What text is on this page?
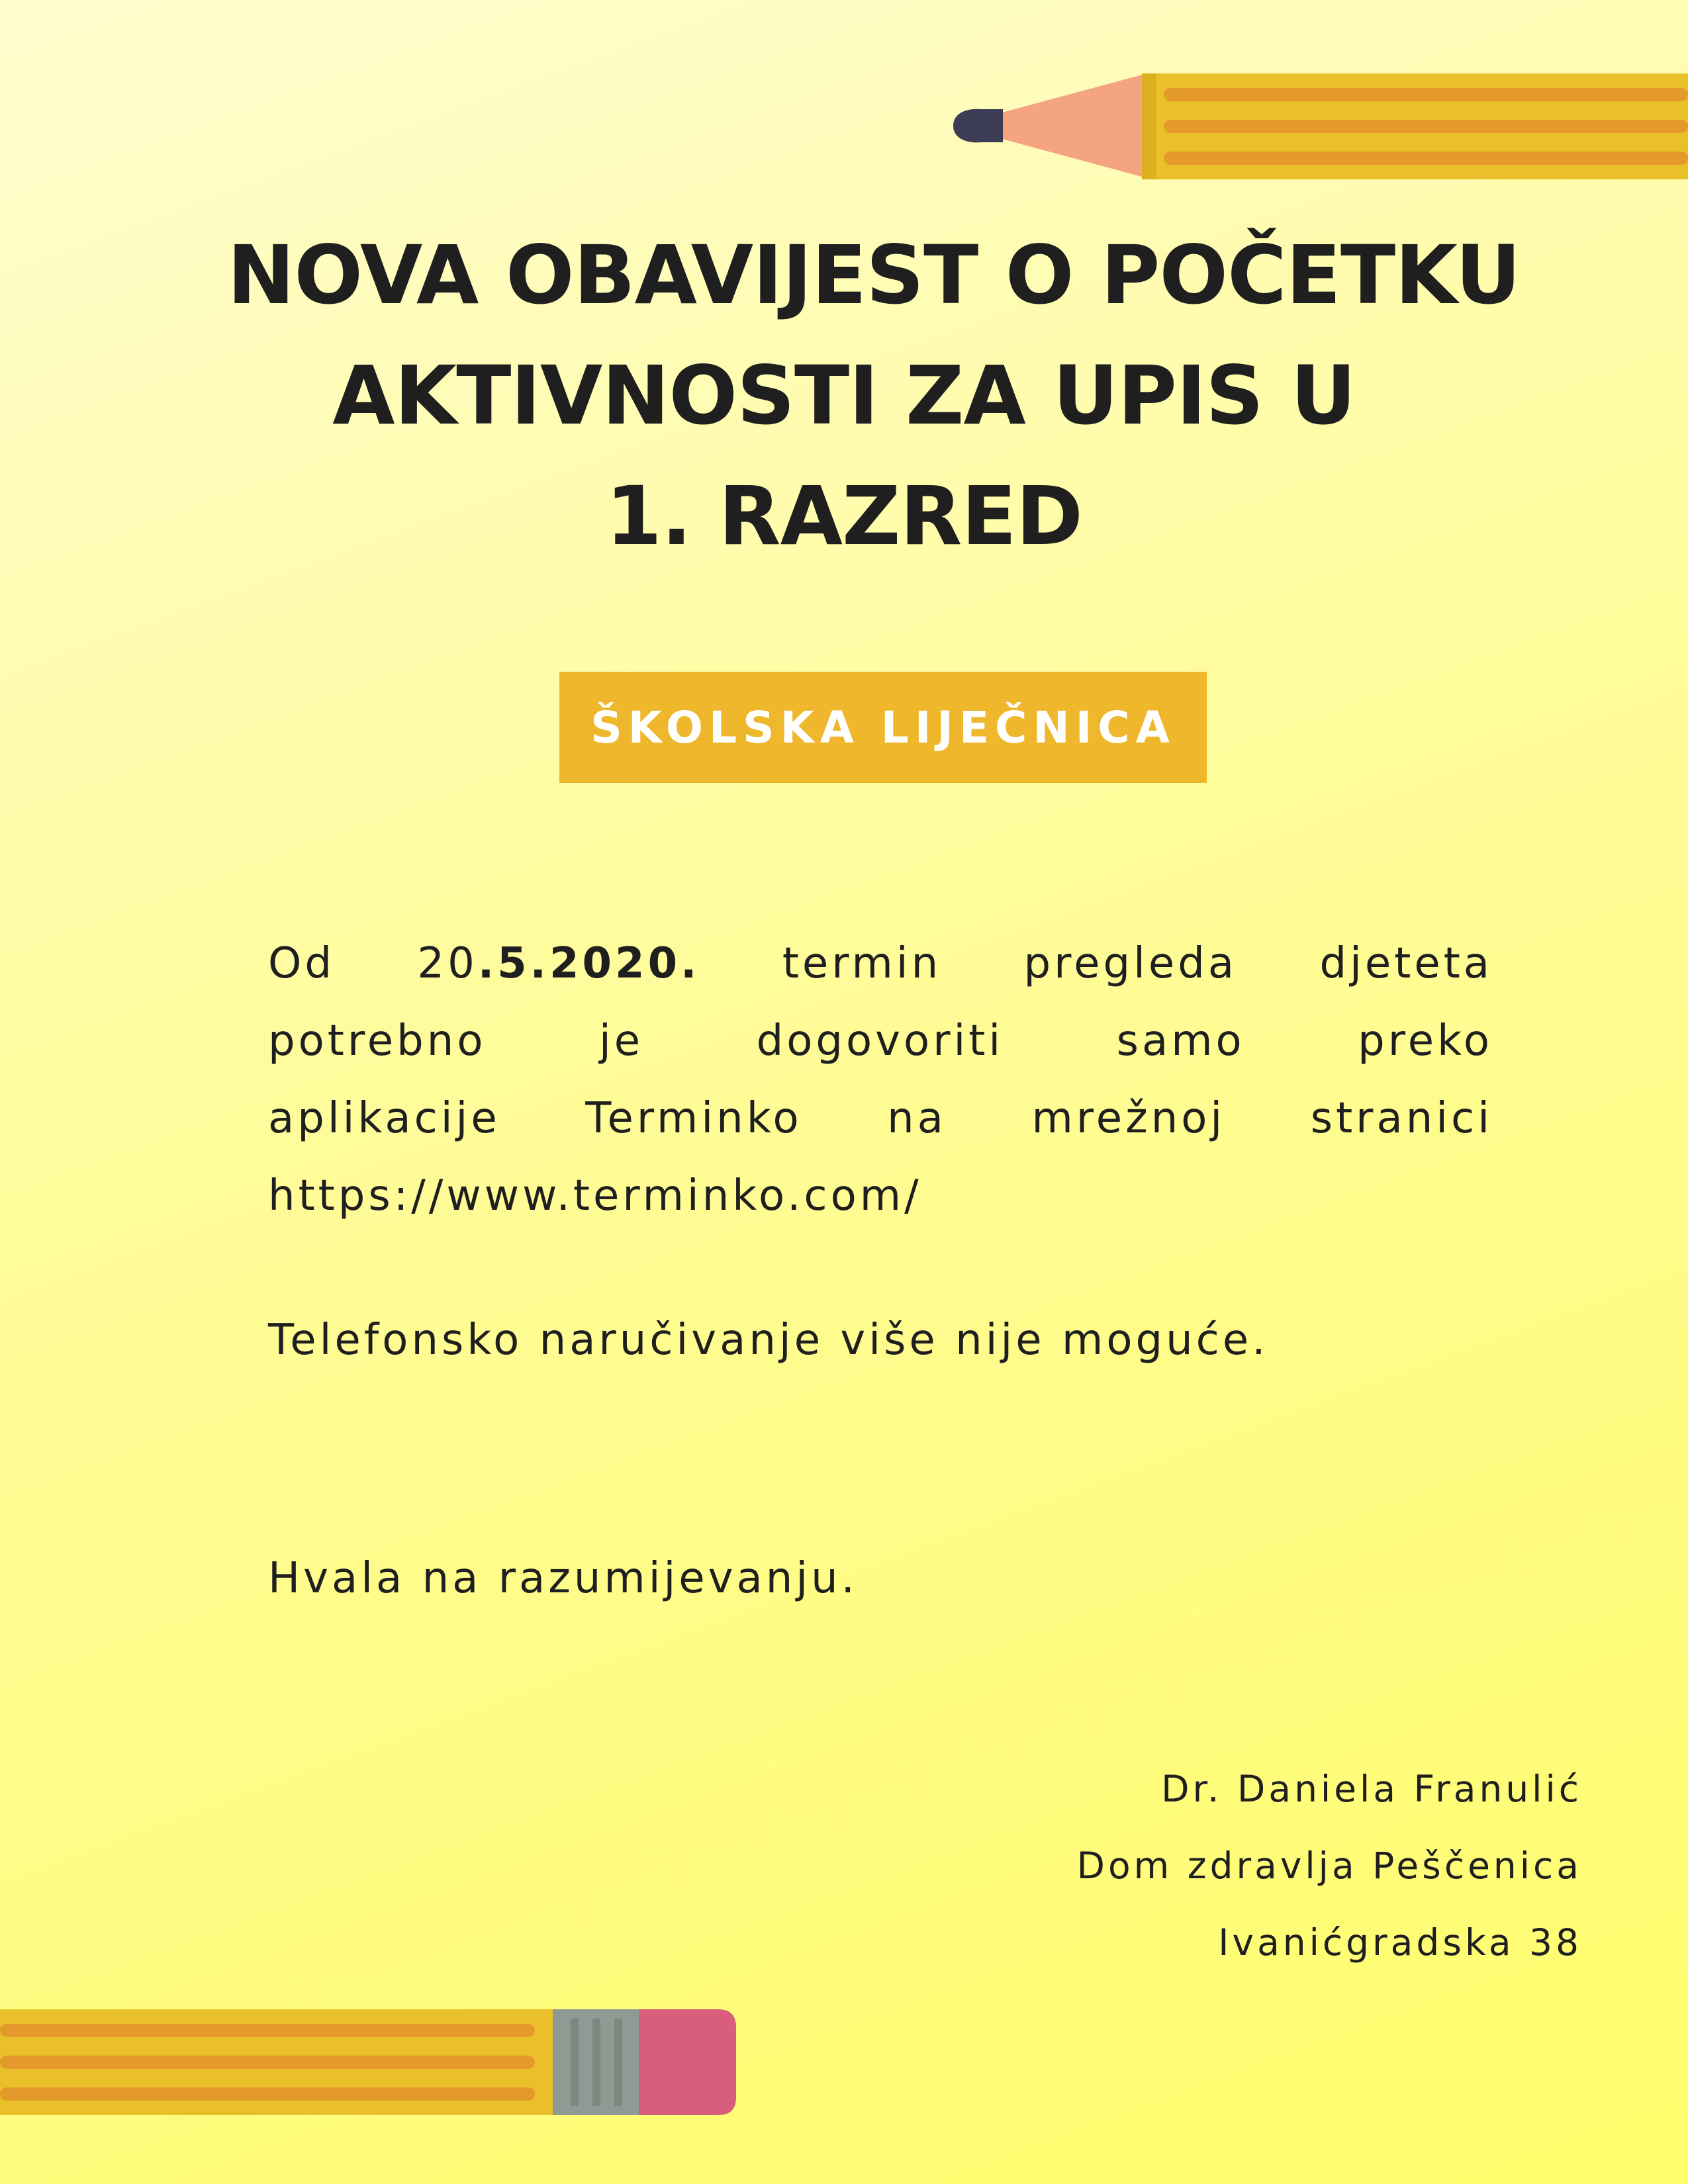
NOVA OBAVIJEST O POČETKU
AKTIVNOSTI ZA UPIS U
1. RAZRED
ŠKOLSKA LIJEČNICA
Od 20.5.2020. termin pregleda djeteta
potrebno je dogovoriti samo preko
aplikacije Terminko na mrežnoj stranici
https://www.terminko.com/
Telefonsko naručivanje više nije moguće.
Hvala na razumijevanju.
Dr. Daniela Franulić
Dom zdravlja Peščenica
Ivanićgradska 38
